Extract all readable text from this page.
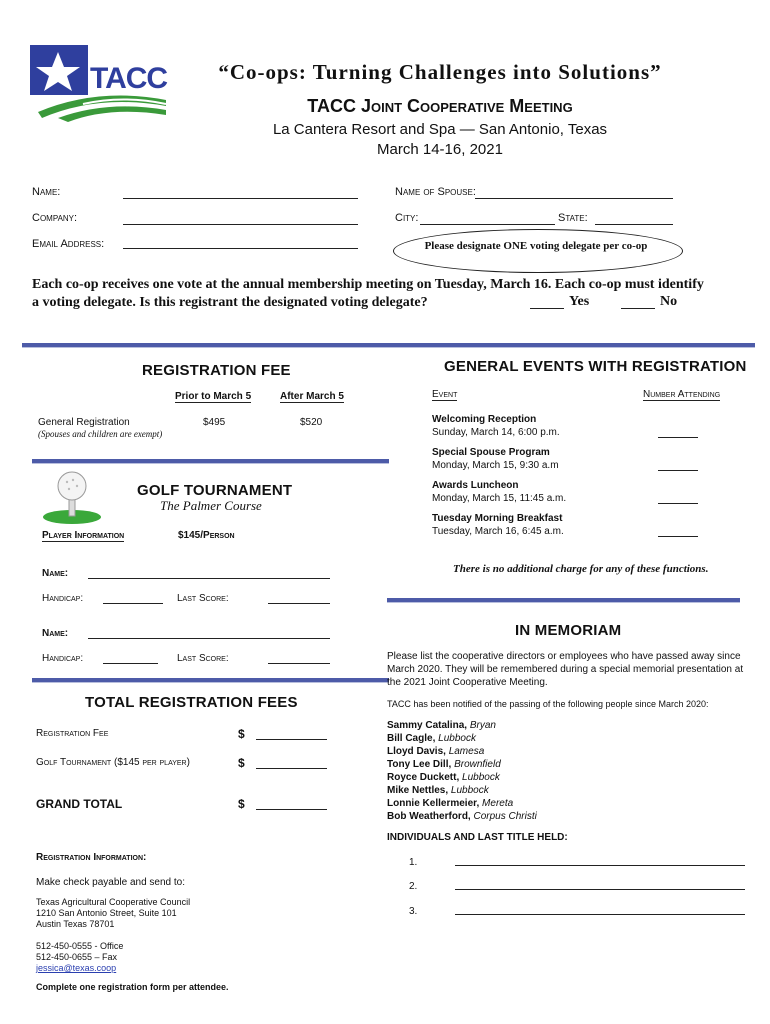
TACC	“Co-ops: Turning Challenges into Solutions”
TACC Joint Cooperative Meeting
La Cantera Resort and Spa — San Antonio, Texas
March 14-16, 2021
Name:
Company:
Email Address:
Name of Spouse:
City:	State:
Please designate ONE voting delegate per co-op
Each co-op receives one vote at the annual membership meeting on Tuesday, March 16. Each co-op must identify a voting delegate. Is this registrant the designated voting delegate?	Yes	No
REGISTRATION FEE
Prior to March 5	After March 5
General Registration
(Spouses and children are exempt)
$495	$520
GOLF TOURNAMENT
The Palmer Course
Player Information	$145/Person
Name:
Handicap:	Last Score:
Name:
Handicap:	Last Score:
TOTAL REGISTRATION FEES
Registration Fee	$
Golf Tournament ($145 per player)	$
GRAND TOTAL	$
Registration Information:
Make check payable and send to:
Texas Agricultural Cooperative Council
1210 San Antonio Street, Suite 101
Austin Texas 78701
512-450-0555 - Office
512-450-0655 – Fax
jessica@texas.coop
Complete one registration form per attendee.
GENERAL EVENTS WITH REGISTRATION
Event	Number Attending
Welcoming Reception
Sunday, March 14, 6:00 p.m.
Special Spouse Program
Monday, March 15, 9:30 a.m
Awards Luncheon
Monday, March 15, 11:45 a.m.
Tuesday Morning Breakfast
Tuesday, March 16, 6:45 a.m.
There is no additional charge for any of these functions.
IN MEMORIAM
Please list the cooperative directors or employees who have passed away since March 2020. They will be remembered during a special memorial presentation at the 2021 Joint Cooperative Meeting.
TACC has been notified of the passing of the following people since March 2020:
Sammy Catalina, Bryan
Bill Cagle, Lubbock
Lloyd Davis, Lamesa
Tony Lee Dill, Brownfield
Royce Duckett, Lubbock
Mike Nettles, Lubbock
Lonnie Kellermeier, Mereta
Bob Weatherford, Corpus Christi
INDIVIDUALS AND LAST TITLE HELD:
1.
2.
3.
